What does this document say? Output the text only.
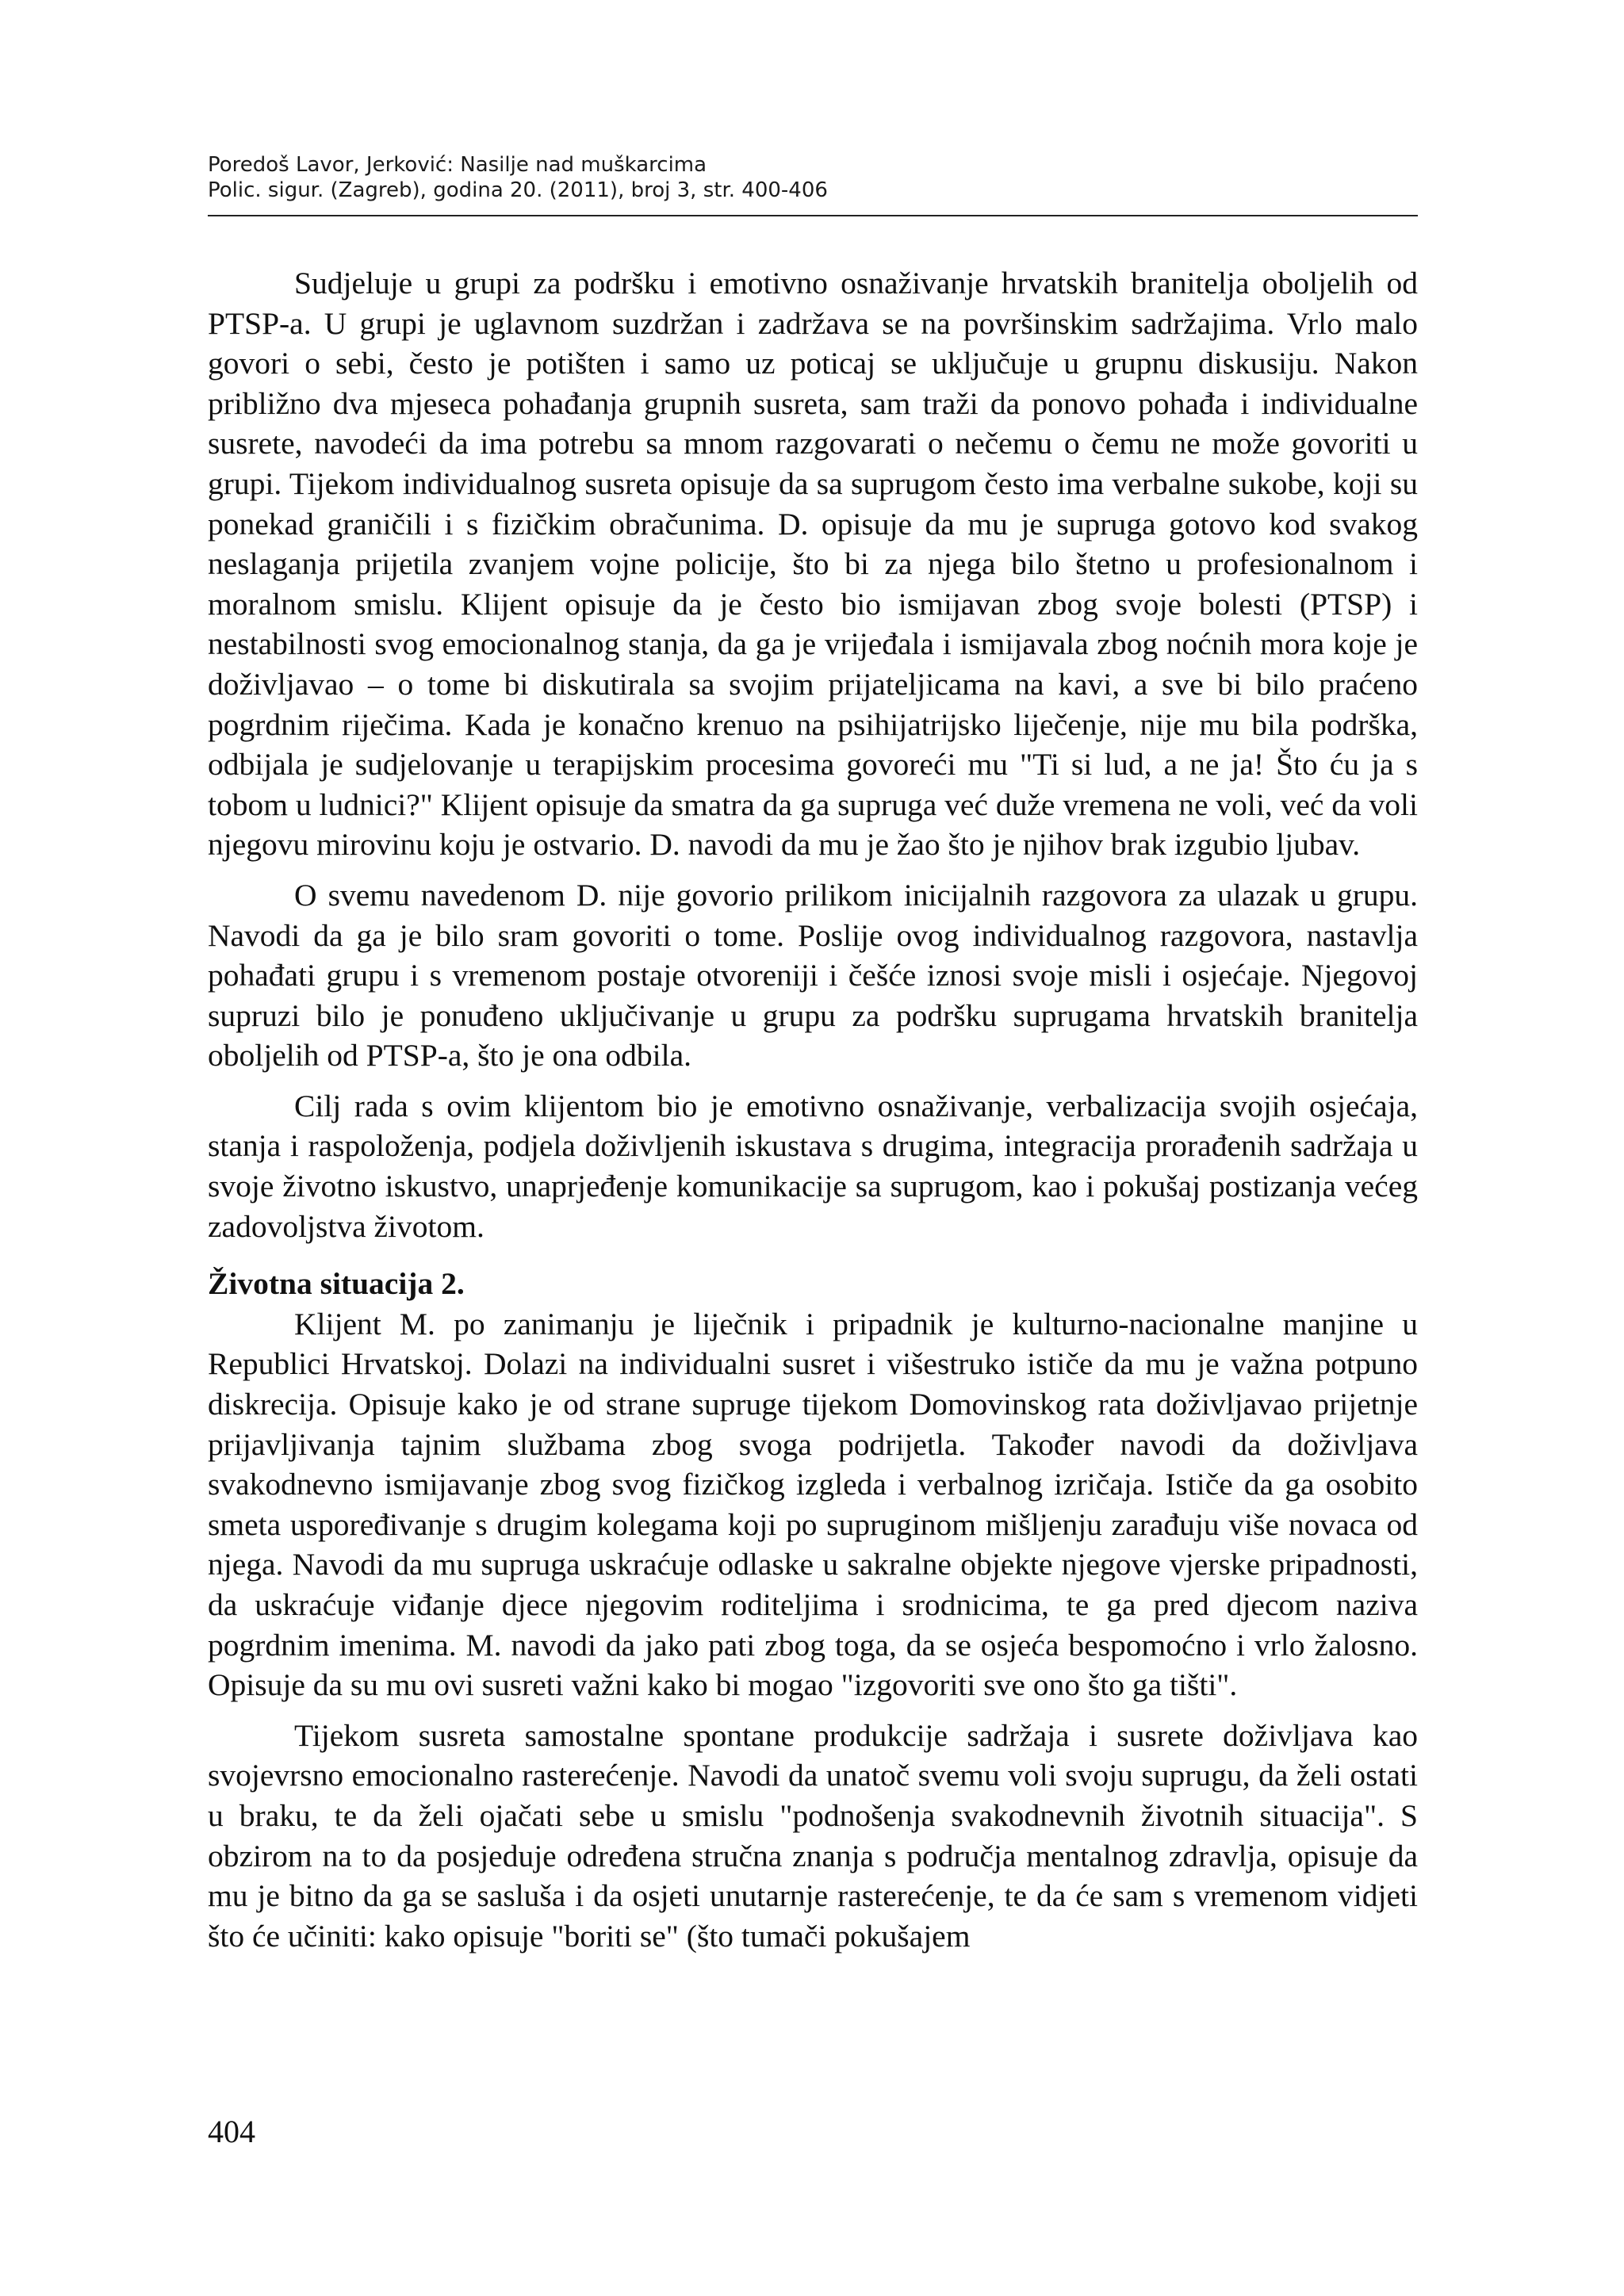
Poredoš Lavor, Jerković: Nasilje nad muškarcima
Polic. sigur. (Zagreb), godina 20. (2011), broj 3, str. 400-406

Sudjeluje u grupi za podršku i emotivno osnaživanje hrvatskih branitelja oboljelih od PTSP-a. U grupi je uglavnom suzdržan i zadržava se na površinskim sadržajima. Vrlo malo govori o sebi, često je potišten i samo uz poticaj se uključuje u grupnu diskusiju. Nakon približno dva mjeseca pohađanja grupnih susreta, sam traži da ponovo pohađa i individualne susrete, navodeći da ima potrebu sa mnom razgovarati o nečemu o čemu ne može govoriti u grupi. Tijekom individualnog susreta opisuje da sa suprugom često ima verbalne sukobe, koji su ponekad graničili i s fizičkim obračunima. D. opisuje da mu je supruga gotovo kod svakog neslaganja prijetila zvanjem vojne policije, što bi za njega bilo štetno u profesionalnom i moralnom smislu. Klijent opisuje da je često bio ismijavan zbog svoje bolesti (PTSP) i nestabilnosti svog emocionalnog stanja, da ga je vrijeđala i ismijavala zbog noćnih mora koje je doživljavao – o tome bi diskutirala sa svojim prijateljicama na kavi, a sve bi bilo praćeno pogrdnim riječima. Kada je konačno krenuo na psihijatrijsko liječenje, nije mu bila podrška, odbijala je sudjelovanje u terapijskim procesima govoreći mu "Ti si lud, a ne ja! Što ću ja s tobom u ludnici?" Klijent opisuje da smatra da ga supruga već duže vremena ne voli, već da voli njegovu mirovinu koju je ostvario. D. navodi da mu je žao što je njihov brak izgubio ljubav.

O svemu navedenom D. nije govorio prilikom inicijalnih razgovora za ulazak u grupu. Navodi da ga je bilo sram govoriti o tome. Poslije ovog individualnog razgovora, nastavlja pohađati grupu i s vremenom postaje otvoreniji i češće iznosi svoje misli i osjećaje. Njegovoj supruzi bilo je ponuđeno uključivanje u grupu za podršku suprugama hrvatskih branitelja oboljelih od PTSP-a, što je ona odbila.

Cilj rada s ovim klijentom bio je emotivno osnaživanje, verbalizacija svojih osjećaja, stanja i raspoloženja, podjela doživljenih iskustava s drugima, integracija prorađenih sadržaja u svoje životno iskustvo, unaprjeđenje komunikacije sa suprugom, kao i pokušaj postizanja većeg zadovoljstva životom.

Životna situacija 2.

Klijent M. po zanimanju je liječnik i pripadnik je kulturno-nacionalne manjine u Republici Hrvatskoj. Dolazi na individualni susret i višestruko ističe da mu je važna potpuno diskrecija. Opisuje kako je od strane supruge tijekom Domovinskog rata doživljavao prijetnje prijavljivanja tajnim službama zbog svoga podrijetla. Također navodi da doživljava svakodnevno ismijavanje zbog svog fizičkog izgleda i verbalnog izričaja. Ističe da ga osobito smeta uspoređivanje s drugim kolegama koji po supruginom mišljenju zarađuju više novaca od njega. Navodi da mu supruga uskraćuje odlaske u sakralne objekte njegove vjerske pripadnosti, da uskraćuje viđanje djece njegovim roditeljima i srodnicima, te ga pred djecom naziva pogrdnim imenima. M. navodi da jako pati zbog toga, da se osjeća bespomoćno i vrlo žalosno. Opisuje da su mu ovi susreti važni kako bi mogao "izgovoriti sve ono što ga tišti".

Tijekom susreta samostalne spontane produkcije sadržaja i susrete doživljava kao svojevrsno emocionalno rasterećenje. Navodi da unatoč svemu voli svoju suprugu, da želi ostati u braku, te da želi ojačati sebe u smislu "podnošenja svakodnevnih životnih situacija". S obzirom na to da posjeduje određena stručna znanja s područja mentalnog zdravlja, opisuje da mu je bitno da ga se sasluša i da osjeti unutarnje rasterećenje, te da će sam s vremenom vidjeti što će učiniti: kako opisuje "boriti se" (što tumači pokušajem

404
